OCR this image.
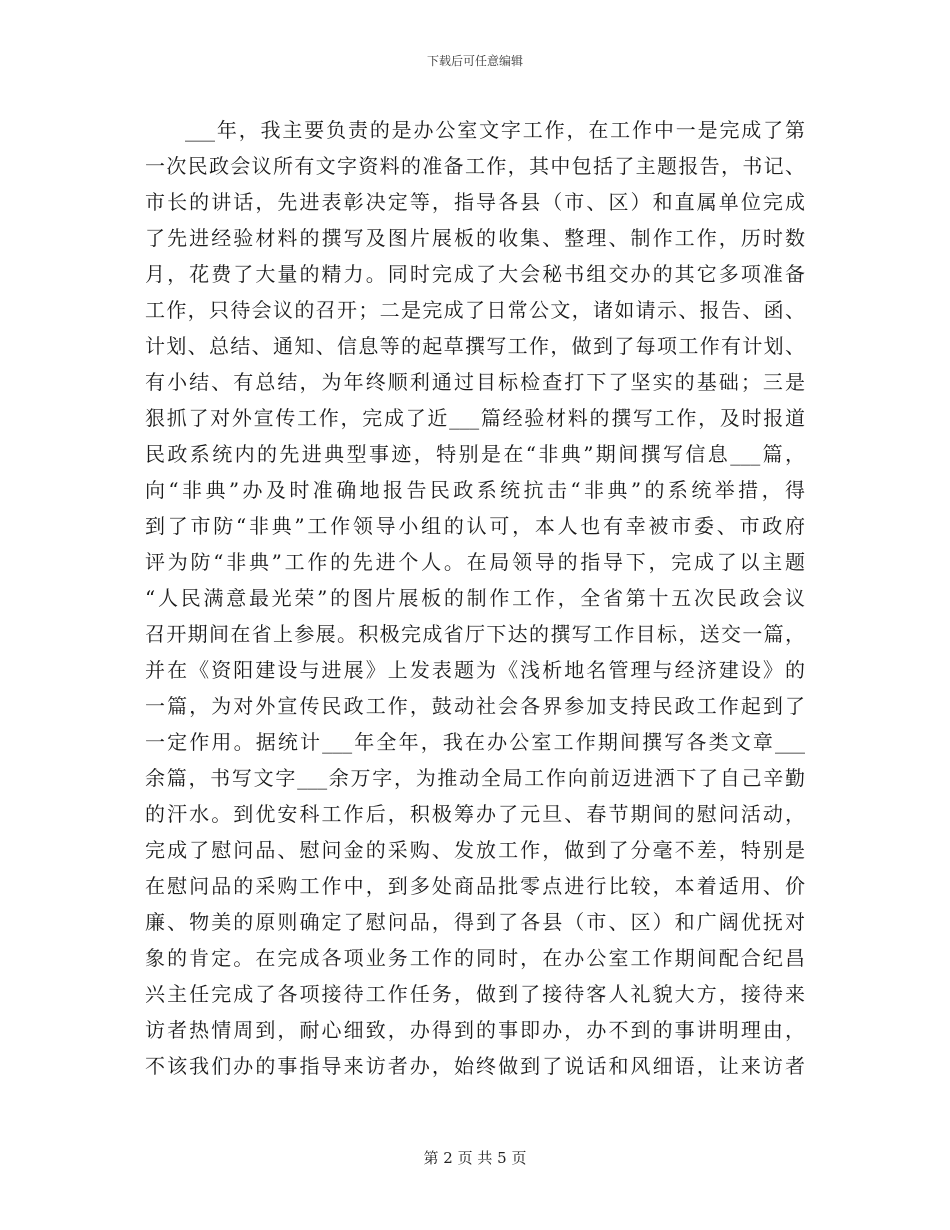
下载后可任意编辑
___年，我主要负责的是办公室文字工作，在工作中一是完成了第
一次民政会议所有文字资料的准备工作，其中包括了主题报告，书记、
市长的讲话，先进表彰决定等，指导各县（市、区）和直属单位完成
了先进经验材料的撰写及图片展板的收集、整理、制作工作，历时数
月，花费了大量的精力。同时完成了大会秘书组交办的其它多项准备
工作，只待会议的召开；二是完成了日常公文，诸如请示、报告、函、
计划、总结、通知、信息等的起草撰写工作，做到了每项工作有计划、
有小结、有总结，为年终顺利通过目标检查打下了坚实的基础；三是
狠抓了对外宣传工作，完成了近___篇经验材料的撰写工作，及时报道
民政系统内的先进典型事迹，特别是在“非典”期间撰写信息___篇，
向“非典”办及时准确地报告民政系统抗击“非典”的系统举措，得
到了市防“非典”工作领导小组的认可，本人也有幸被市委、市政府
评为防“非典”工作的先进个人。在局领导的指导下，完成了以主题
“人民满意最光荣”的图片展板的制作工作，全省第十五次民政会议
召开期间在省上参展。积极完成省厅下达的撰写工作目标，送交一篇，
并在《资阳建设与进展》上发表题为《浅析地名管理与经济建设》的
一篇，为对外宣传民政工作，鼓动社会各界参加支持民政工作起到了
一定作用。据统计___年全年，我在办公室工作期间撰写各类文章___
余篇，书写文字___余万字，为推动全局工作向前迈进洒下了自己辛勤
的汗水。到优安科工作后，积极筹办了元旦、春节期间的慰问活动，
完成了慰问品、慰问金的采购、发放工作，做到了分毫不差，特别是
在慰问品的采购工作中，到多处商品批零点进行比较，本着适用、价
廉、物美的原则确定了慰问品，得到了各县（市、区）和广阔优抚对
象的肯定。在完成各项业务工作的同时，在办公室工作期间配合纪昌
兴主任完成了各项接待工作任务，做到了接待客人礼貌大方，接待来
访者热情周到，耐心细致，办得到的事即办，办不到的事讲明理由，
不该我们办的事指导来访者办，始终做到了说话和风细语，让来访者
第 2 页 共 5 页
